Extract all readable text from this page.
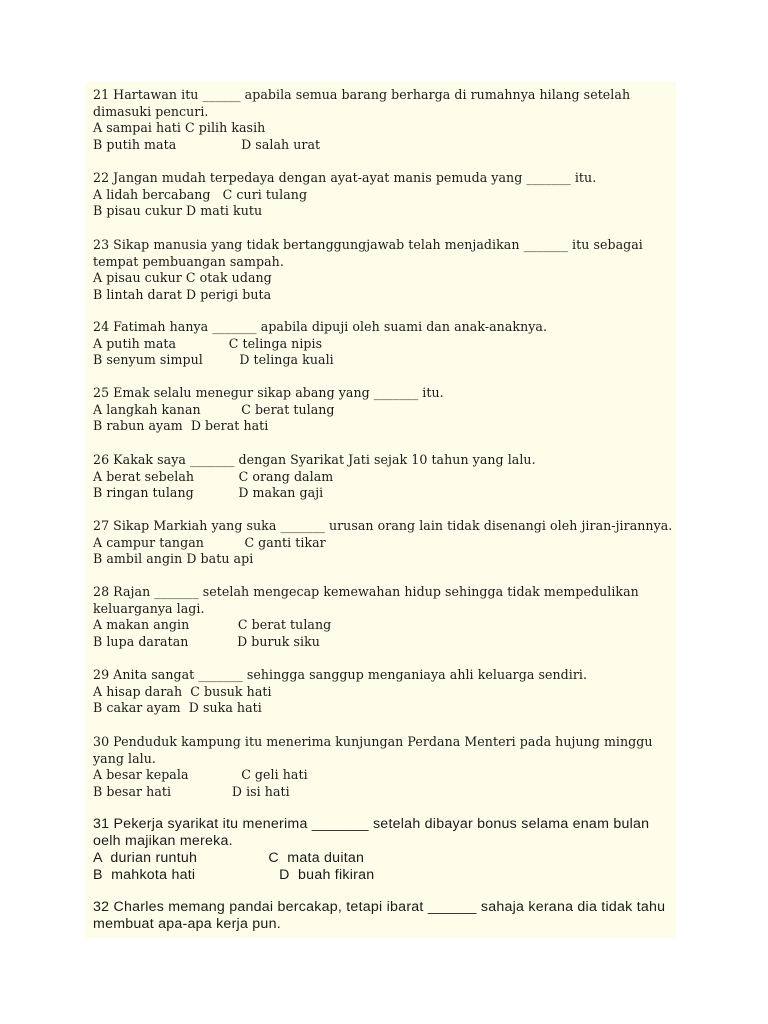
21 Hartawan itu ______ apabila semua barang berharga di rumahnya hilang setelah dimasuki pencuri.
A sampai hati C pilih kasih
B putih mata                D salah urat
22 Jangan mudah terpedaya dengan ayat-ayat manis pemuda yang _______ itu.
A lidah bercabang   C curi tulang
B pisau cukur D mati kutu
23 Sikap manusia yang tidak bertanggungjawab telah menjadikan _______ itu sebagai tempat pembuangan sampah.
A pisau cukur C otak udang
B lintah darat D perigi buta
24 Fatimah hanya _______ apabila dipuji oleh suami dan anak-anaknya.
A putih mata             C telinga nipis
B senyum simpul         D telinga kuali
25 Emak selalu menegur sikap abang yang _______ itu.
A langkah kanan          C berat tulang
B rabun ayam  D berat hati
26 Kakak saya _______ dengan Syarikat Jati sejak 10 tahun yang lalu.
A berat sebelah           C orang dalam
B ringan tulang           D makan gaji
27 Sikap Markiah yang suka _______ urusan orang lain tidak disenangi oleh jiran-jirannya.
A campur tangan          C ganti tikar
B ambil angin D batu api
28 Rajan _______ setelah mengecap kemewahan hidup sehingga tidak mempedulikan keluarganya lagi.
A makan angin            C berat tulang
B lupa daratan            D buruk siku
29 Anita sangat _______ sehingga sanggup menganiaya ahli keluarga sendiri.
A hisap darah  C busuk hati
B cakar ayam  D suka hati
30 Penduduk kampung itu menerima kunjungan Perdana Menteri pada hujung minggu yang lalu.
A besar kepala             C geli hati
B besar hati               D isi hati
31 Pekerja syarikat itu menerima _______ setelah dibayar bonus selama enam bulan oelh majikan mereka.
A  durian runtuh                 C  mata duitan
B  mahkota hati                    D  buah fikiran
32 Charles memang pandai bercakap, tetapi ibarat ______ sahaja kerana dia tidak tahu membuat apa-apa kerja pun.
